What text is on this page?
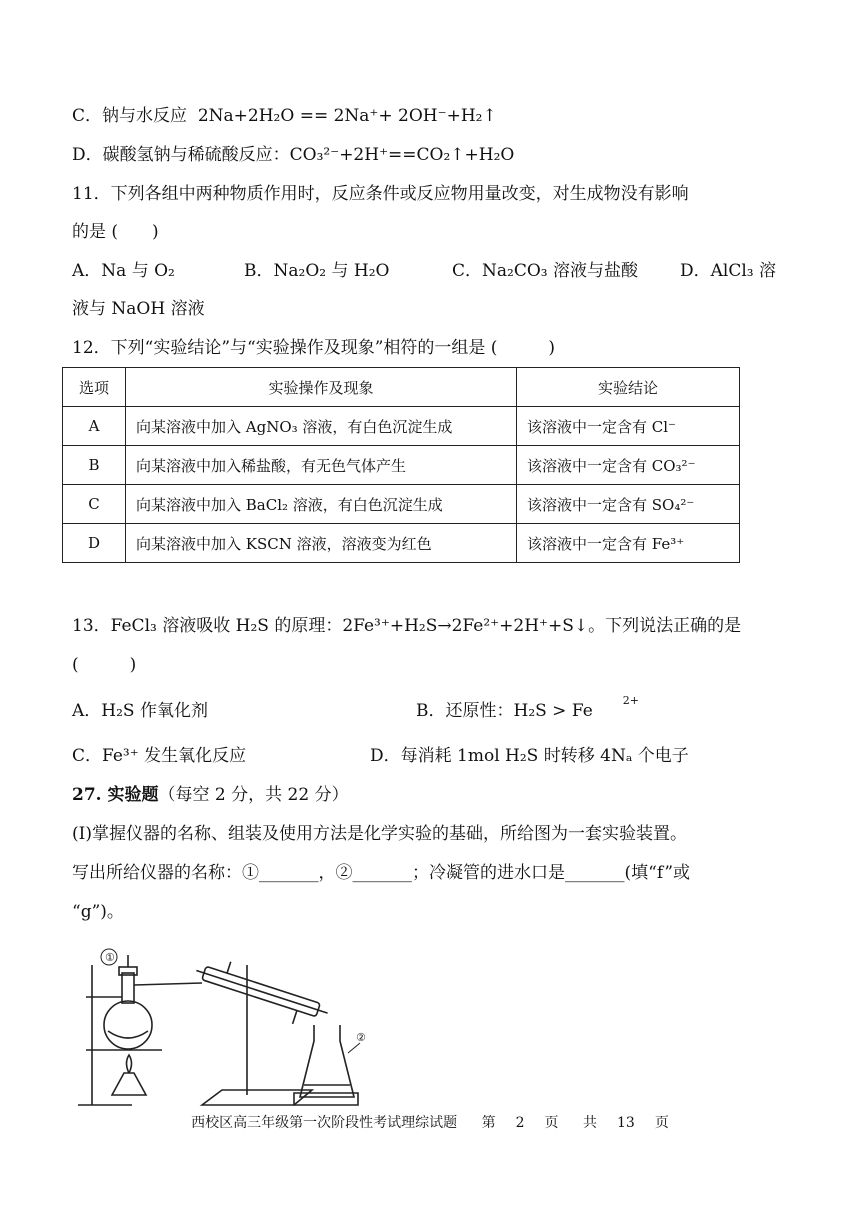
C．钠与水反应 2Na+2H₂O == 2Na⁺+ 2OH⁻+H₂↑
D．碳酸氢钠与稀硫酸反应：CO₃²⁻+2H⁺==CO₂↑+H₂O
11．下列各组中两种物质作用时，反应条件或反应物用量改变，对生成物没有影响
的是 (　　)
A．Na 与 O₂	B．Na₂O₂ 与 H₂O	C．Na₂CO₃ 溶液与盐酸 D．AlCl₃ 溶
液与 NaOH 溶液
12．下列“实验结论”与“实验操作及现象”相符的一组是 (　　　)
选项	实验操作及现象	实验结论
A	向某溶液中加入 AgNO₃ 溶液，有白色沉淀生成	该溶液中一定含有 Cl⁻
B	向某溶液中加入稀盐酸，有无色气体产生	该溶液中一定含有 CO₃²⁻
C	向某溶液中加入 BaCl₂ 溶液，有白色沉淀生成	该溶液中一定含有 SO₄²⁻
D	向某溶液中加入 KSCN 溶液，溶液变为红色	该溶液中一定含有 Fe³⁺
13．FeCl₃ 溶液吸收 H₂S 的原理：2Fe³⁺+H₂S→2Fe²⁺+2H⁺+S↓。下列说法正确的是
(　　　)
A．H₂S 作氧化剂	B．还原性：$H_2S > Fe^{2+}$
C．Fe³⁺ 发生氧化反应	D．每消耗 1mol H₂S 时转移 4Nₐ 个电子
27. 实验题（每空 2 分，共 22 分）
(Ⅰ)掌握仪器的名称、组装及使用方法是化学实验的基础，所给图为一套实验装置。
写出所给仪器的名称：①_______，②_______；冷凝管的进水口是_______(填“f”或
“g”)。
①
②
西校区高三年级第一次阶段性考试理综试题 第 2 页 共 13 页
